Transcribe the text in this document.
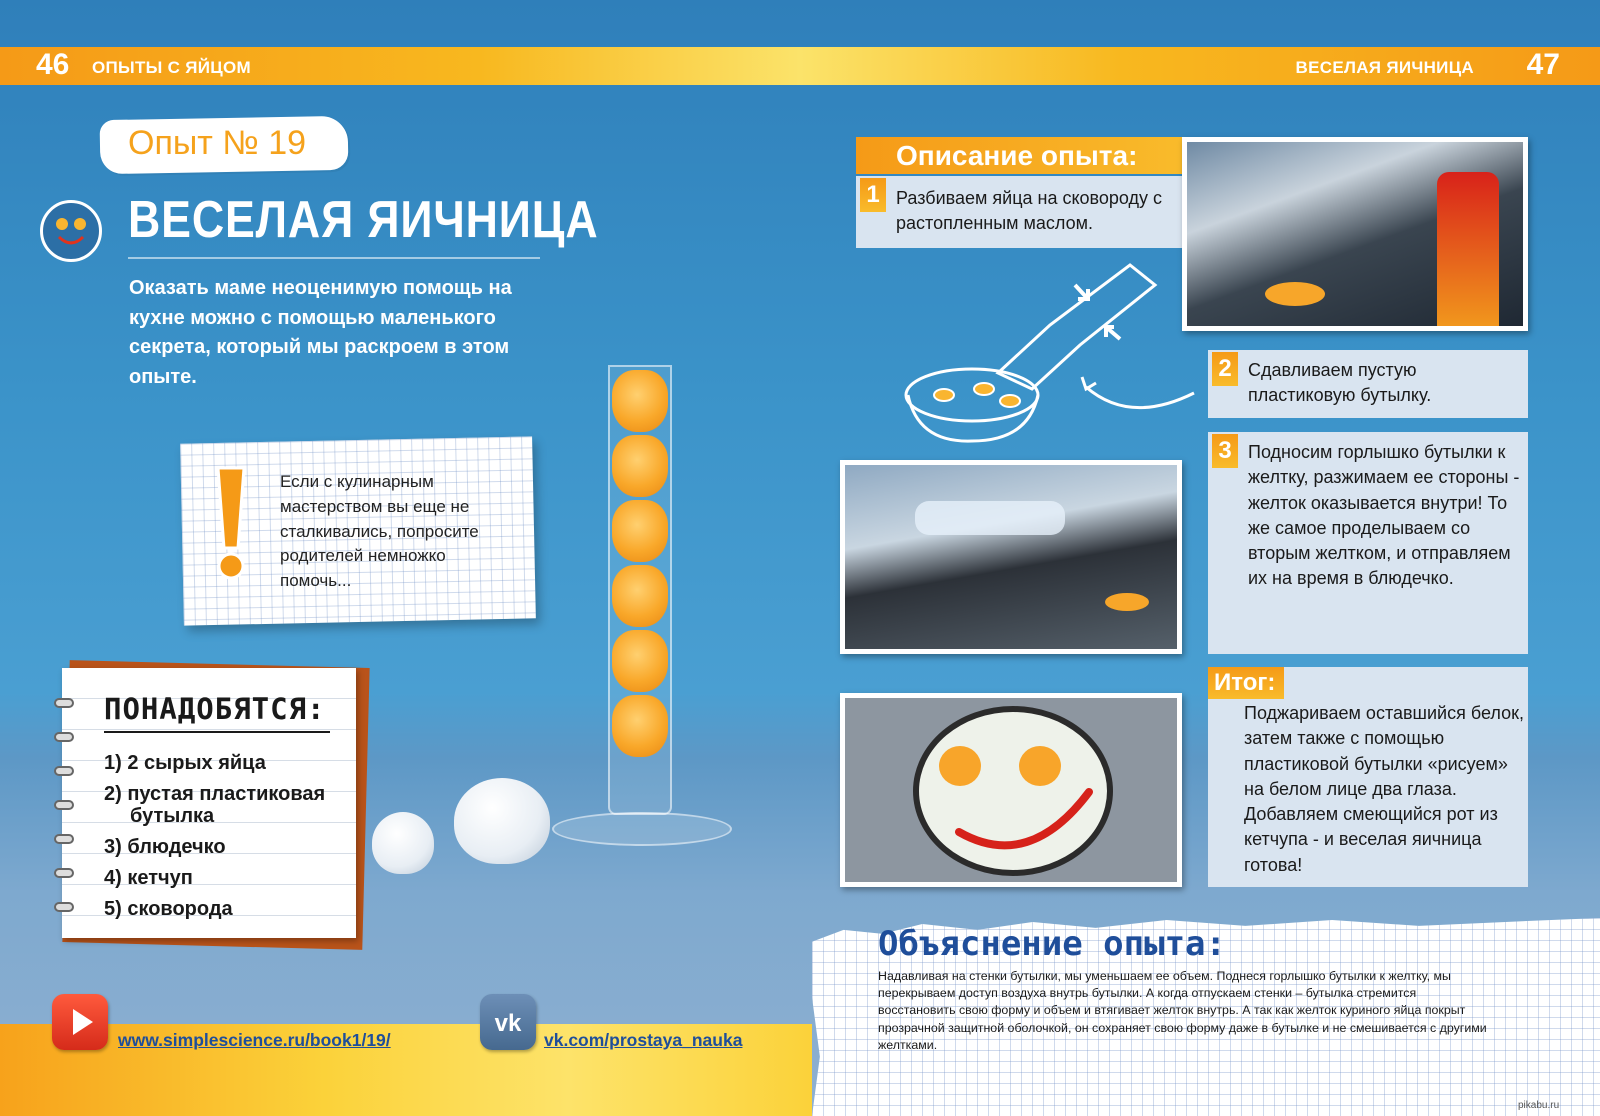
46 ОПЫТЫ С ЯЙЦОМ	ВЕСЕЛАЯ ЯИЧНИЦА 47
Опыт № 19
ВЕСЕЛАЯ ЯИЧНИЦА
Оказать маме неоценимую помощь на кухне можно с помощью маленького секрета, который мы раскроем в этом опыте.
Если с кулинарным мастерством вы еще не сталкивались, попросите родителей немножко помочь...
ПОНАДОБЯТСЯ:
1) 2 сырых яйца
2) пустая пластиковая
бутылка
3) блюдечко
4) кетчуп
5) сковорода
www.simplescience.ru/book1/19/
vk
vk.com/prostaya_nauka
Описание опыта:
1 Разбиваем яйца на сковороду с растопленным маслом.
2 Сдавливаем пустую пластиковую бутылку.
3 Подносим горлышко бутылки к желтку, разжимаем ее стороны - желток оказывается внутри! То же самое проделываем со вторым желтком, и отправляем их на время в блюдечко.
Итог:
Поджариваем оставшийся белок, затем также с помощью пластиковой бутылки «рисуем» на белом лице два глаза. Добавляем смеющийся рот из кетчупа - и веселая яичница готова!
Объяснение опыта:
Надавливая на стенки бутылки, мы уменьшаем ее объем. Поднеся горлышко бутылки к желтку, мы перекрываем доступ воздуха внутрь бутылки. А когда отпускаем стенки – бутылка стремится восстановить свою форму и объем и втягивает желток внутрь. А так как желток куриного яйца покрыт прозрачной защитной оболочкой, он сохраняет свою форму даже в бутылке и не смешивается с другими желтками.
pikabu.ru
